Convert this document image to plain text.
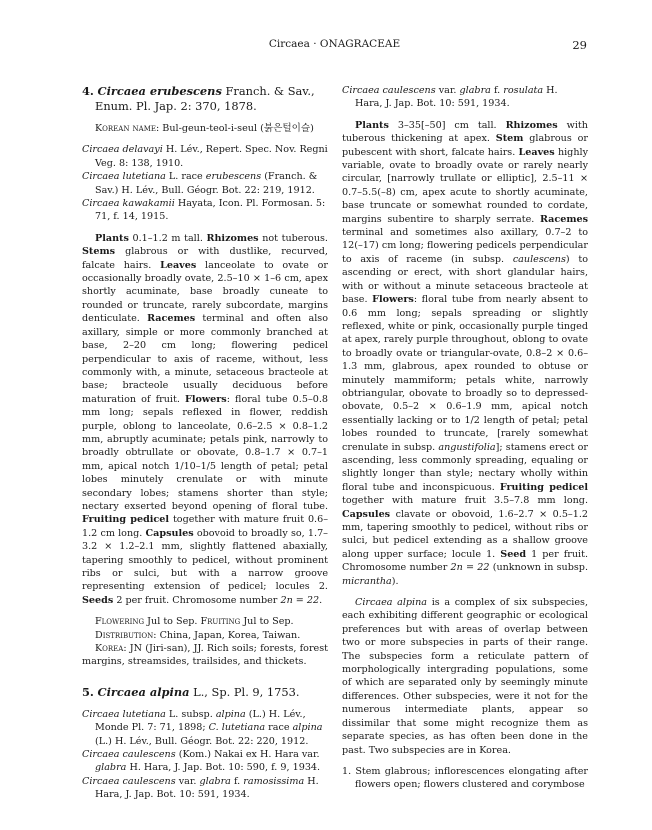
Circaea · ONAGRACEAE	29

4. Circaea erubescens Franch. & Sav., Enum. Pl. Jap. 2: 370, 1878.

Korean name: Bul-geun-teol-i-seul (붉은털이슬)

Circaea delavayi H. Lév., Repert. Spec. Nov. Regni Veg. 8: 138, 1910.

Circaea lutetiana L. race erubescens (Franch. & Sav.) H. Lév., Bull. Géogr. Bot. 22: 219, 1912.

Circaea kawakamii Hayata, Icon. Pl. Formosan. 5: 71, f. 14, 1915.

Plants 0.1–1.2 m tall. Rhizomes not tuberous. Stems glabrous or with dustlike, recurved, falcate hairs. Leaves lanceolate to ovate or occasionally broadly ovate, 2.5–10 × 1–6 cm, apex shortly acuminate, base broadly cuneate to rounded or truncate, rarely subcordate, margins denticulate. Racemes terminal and often also axillary, simple or more commonly branched at base, 2–20 cm long; flowering pedicel perpendicular to axis of raceme, without, less commonly with, a minute, setaceous bracteole at base; bracteole usually deciduous before maturation of fruit. Flowers: floral tube 0.5–0.8 mm long; sepals reflexed in flower, reddish purple, oblong to lanceolate, 0.6–2.5 × 0.8–1.2 mm, abruptly acuminate; petals pink, narrowly to broadly obtrullate or obovate, 0.8–1.7 × 0.7–1 mm, apical notch 1/10–1/5 length of petal; petal lobes minutely crenulate or with minute secondary lobes; stamens shorter than style; nectary exserted beyond opening of floral tube. Fruiting pedicel together with mature fruit 0.6–1.2 cm long. Capsules obovoid to broadly so, 1.7–3.2 × 1.2–2.1 mm, slightly flattened abaxially, tapering smoothly to pedicel, without prominent ribs or sulci, but with a narrow groove representing extension of pedicel; locules 2. Seeds 2 per fruit. Chromosome number 2n = 22.

Flowering Jul to Sep. Fruiting Jul to Sep.

Distribution: China, Japan, Korea, Taiwan.

Korea: JN (Jiri-san), JJ. Rich soils; forests, forest margins, streamsides, trailsides, and thickets.

5. Circaea alpina L., Sp. Pl. 9, 1753.

Circaea lutetiana L. subsp. alpina (L.) H. Lév., Monde Pl. 7: 71, 1898; C. lutetiana race alpina (L.) H. Lév., Bull. Géogr. Bot. 22: 220, 1912.

Circaea caulescens (Kom.) Nakai ex H. Hara var. glabra H. Hara, J. Jap. Bot. 10: 590, f. 9, 1934.

Circaea caulescens var. glabra f. ramosissima H. Hara, J. Jap. Bot. 10: 591, 1934.

Circaea caulescens var. glabra f. rosulata H. Hara, J. Jap. Bot. 10: 591, 1934.

Plants 3–35[–50] cm tall. Rhizomes with tuberous thickening at apex. Stem glabrous or pubescent with short, falcate hairs. Leaves highly variable, ovate to broadly ovate or rarely nearly circular, [narrowly trullate or elliptic], 2.5–11 × 0.7–5.5(–8) cm, apex acute to shortly acuminate, base truncate or somewhat rounded to cordate, margins subentire to sharply serrate. Racemes terminal and sometimes also axillary, 0.7–2 to 12(–17) cm long; flowering pedicels perpendicular to axis of raceme (in subsp. caulescens) to ascending or erect, with short glandular hairs, with or without a minute setaceous bracteole at base. Flowers: floral tube from nearly absent to 0.6 mm long; sepals spreading or slightly reflexed, white or pink, occasionally purple tinged at apex, rarely purple throughout, oblong to ovate to broadly ovate or triangular-ovate, 0.8–2 × 0.6–1.3 mm, glabrous, apex rounded to obtuse or minutely mammiform; petals white, narrowly obtriangular, obovate to broadly so to depressed-obovate, 0.5–2 × 0.6–1.9 mm, apical notch essentially lacking or to 1/2 length of petal; petal lobes rounded to truncate, [rarely somewhat crenulate in subsp. angustifolia]; stamens erect or ascending, less commonly spreading, equaling or slightly longer than style; nectary wholly within floral tube and inconspicuous. Fruiting pedicel together with mature fruit 3.5–7.8 mm long. Capsules clavate or obovoid, 1.6–2.7 × 0.5–1.2 mm, tapering smoothly to pedicel, without ribs or sulci, but pedicel extending as a shallow groove along upper surface; locule 1. Seed 1 per fruit. Chromosome number 2n = 22 (unknown in subsp. micrantha).

Circaea alpina is a complex of six subspecies, each exhibiting different geographic or ecological preferences but with areas of overlap between two or more subspecies in parts of their range. The subspecies form a reticulate pattern of morphologically intergrading populations, some of which are separated only by seemingly minute differences. Other subspecies, were it not for the numerous intermediate plants, appear so dissimilar that some might recognize them as separate species, as has often been done in the past. Two subspecies are in Korea.

1. Stem glabrous; inflorescences elongating after flowers open; flowers clustered and corymbose
